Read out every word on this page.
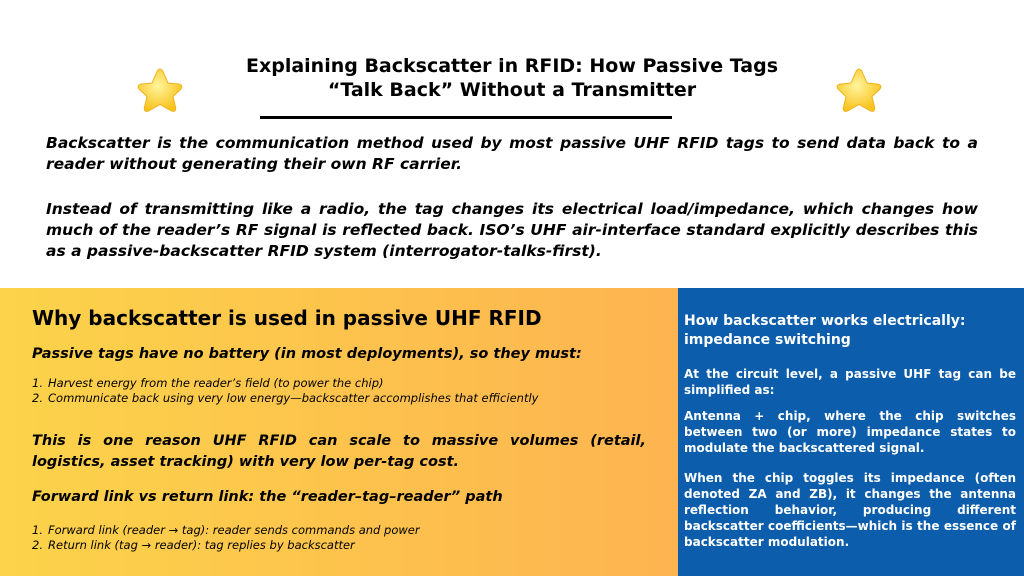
Explaining Backscatter in RFID: How Passive Tags
“Talk Back” Without a Transmitter

Backscatter is the communication method used by most passive UHF RFID tags to send data back to a reader without generating their own RF carrier.

Instead of transmitting like a radio, the tag changes its electrical load/impedance, which changes how much of the reader’s RF signal is reflected back. ISO’s UHF air-interface standard explicitly describes this as a passive-backscatter RFID system (interrogator-talks-first).

Why backscatter is used in passive UHF RFID

Passive tags have no battery (in most deployments), so they must:

1. Harvest energy from the reader’s field (to power the chip)
2. Communicate back using very low energy—backscatter accomplishes that efficiently

This is one reason UHF RFID can scale to massive volumes (retail, logistics, asset tracking) with very low per-tag cost.

Forward link vs return link: the “reader–tag–reader” path

1. Forward link (reader → tag): reader sends commands and power
2. Return link (tag → reader): tag replies by backscatter
How backscatter works electrically: impedance switching

At the circuit level, a passive UHF tag can be simplified as:

Antenna + chip, where the chip switches between two (or more) impedance states to modulate the backscattered signal.

When the chip toggles its impedance (often denoted ZA and ZB), it changes the antenna reflection behavior, producing different backscatter coefficients—which is the essence of backscatter modulation.
